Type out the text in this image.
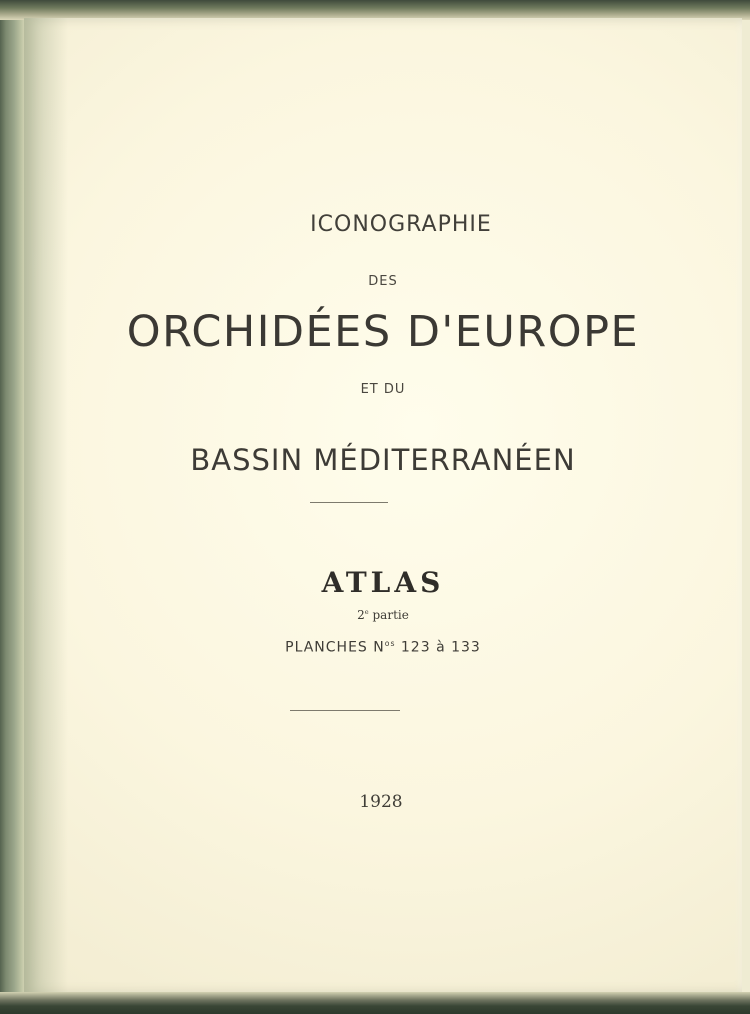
ICONOGRAPHIE

DES

ORCHIDÉES D'EUROPE

ET DU

BASSIN MÉDITERRANÉEN
ATLAS

2e partie

PLANCHES $N^{os}$ 123 à 133

1928
